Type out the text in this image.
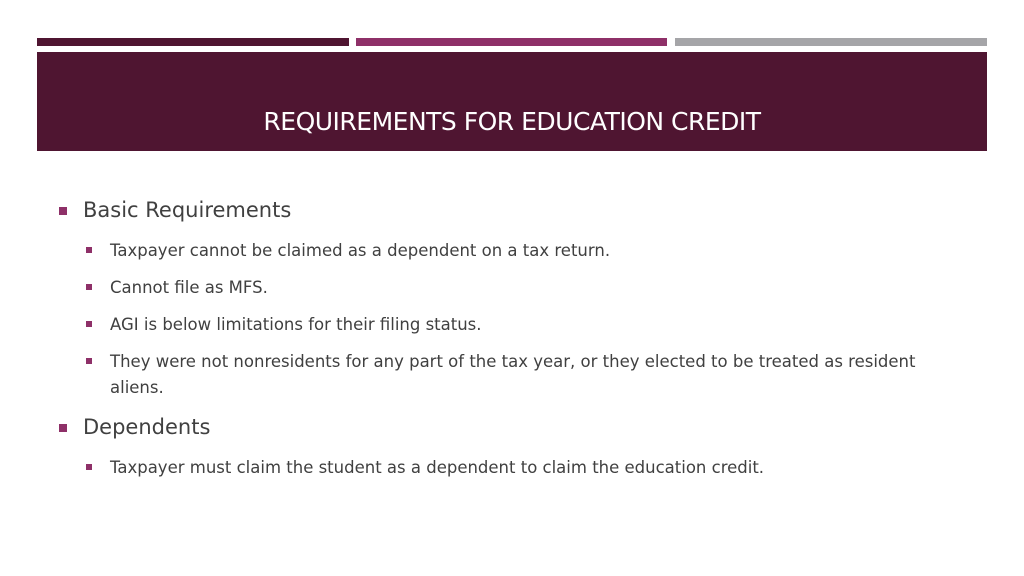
REQUIREMENTS FOR EDUCATION CREDIT
Basic Requirements
Taxpayer cannot be claimed as a dependent on a tax return.
Cannot file as MFS.
AGI is below limitations for their filing status.
They were not nonresidents for any part of the tax year, or they elected to be treated as resident aliens.
Dependents
Taxpayer must claim the student as a dependent to claim the education credit.
